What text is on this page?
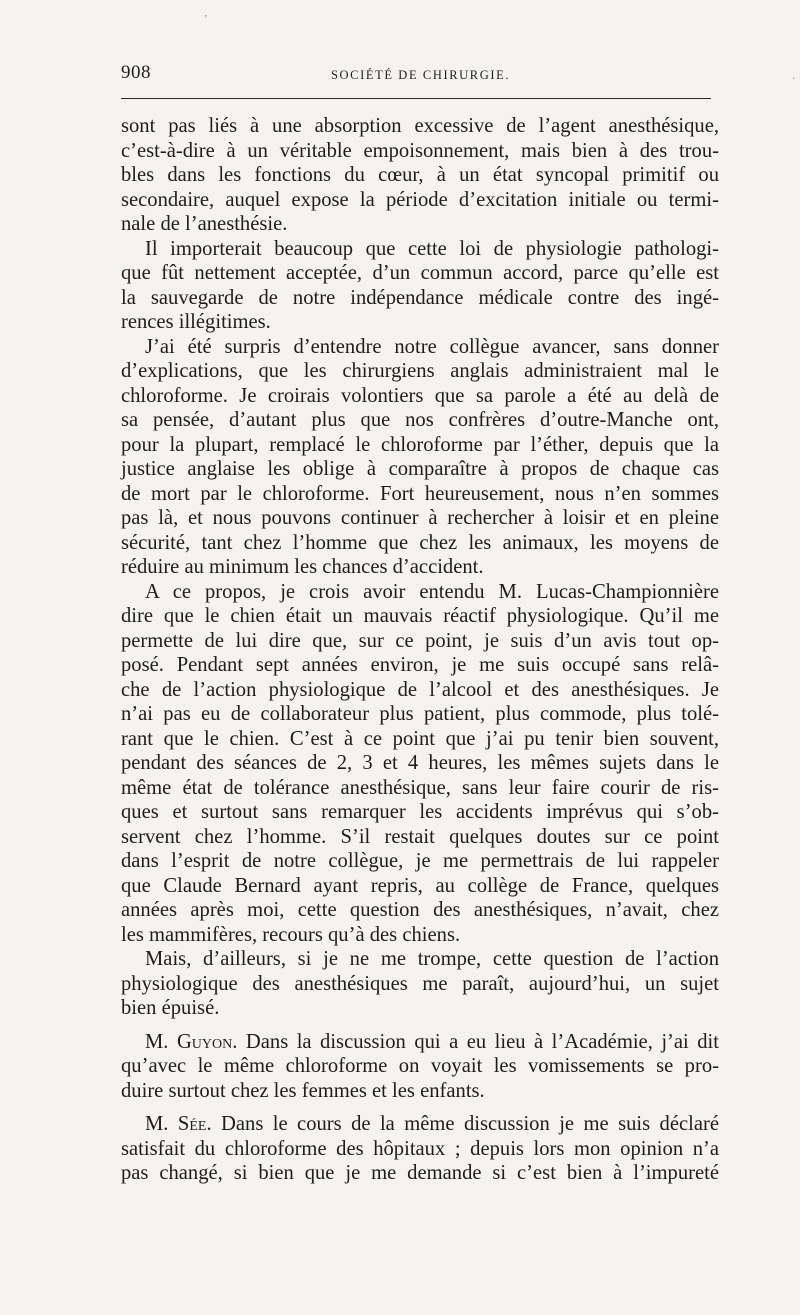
ʼ
·
908	SOCIÉTÉ DE CHIRURGIE.
sont pas liés à une absorption excessive de l’agent anesthésique,
c’est-à-dire à un véritable empoisonnement, mais bien à des trou-
bles dans les fonctions du cœur, à un état syncopal primitif ou
secondaire, auquel expose la période d’excitation initiale ou termi-
nale de l’anesthésie.
Il importerait beaucoup que cette loi de physiologie pathologi-
que fût nettement acceptée, d’un commun accord, parce qu’elle est
la sauvegarde de notre indépendance médicale contre des ingé-
rences illégitimes.
J’ai été surpris d’entendre notre collègue avancer, sans donner
d’explications, que les chirurgiens anglais administraient mal le
chloroforme. Je croirais volontiers que sa parole a été au delà de
sa pensée, d’autant plus que nos confrères d’outre-Manche ont,
pour la plupart, remplacé le chloroforme par l’éther, depuis que la
justice anglaise les oblige à comparaître à propos de chaque cas
de mort par le chloroforme. Fort heureusement, nous n’en sommes
pas là, et nous pouvons continuer à rechercher à loisir et en pleine
sécurité, tant chez l’homme que chez les animaux, les moyens de
réduire au minimum les chances d’accident.
A ce propos, je crois avoir entendu M. Lucas-Championnière
dire que le chien était un mauvais réactif physiologique. Qu’il me
permette de lui dire que, sur ce point, je suis d’un avis tout op-
posé. Pendant sept années environ, je me suis occupé sans relâ-
che de l’action physiologique de l’alcool et des anesthésiques. Je
n’ai pas eu de collaborateur plus patient, plus commode, plus tolé-
rant que le chien. C’est à ce point que j’ai pu tenir bien souvent,
pendant des séances de 2, 3 et 4 heures, les mêmes sujets dans le
même état de tolérance anesthésique, sans leur faire courir de ris-
ques et surtout sans remarquer les accidents imprévus qui s’ob-
servent chez l’homme. S’il restait quelques doutes sur ce point
dans l’esprit de notre collègue, je me permettrais de lui rappeler
que Claude Bernard ayant repris, au collège de France, quelques
années après moi, cette question des anesthésiques, n’avait, chez
les mammifères, recours qu’à des chiens.
Mais, d’ailleurs, si je ne me trompe, cette question de l’action
physiologique des anesthésiques me paraît, aujourd’hui, un sujet
bien épuisé.
M. Guyon. Dans la discussion qui a eu lieu à l’Académie, j’ai dit
qu’avec le même chloroforme on voyait les vomissements se pro-
duire surtout chez les femmes et les enfants.
M. Sée. Dans le cours de la même discussion je me suis déclaré
satisfait du chloroforme des hôpitaux ; depuis lors mon opinion n’a
pas changé, si bien que je me demande si c’est bien à l’impureté
